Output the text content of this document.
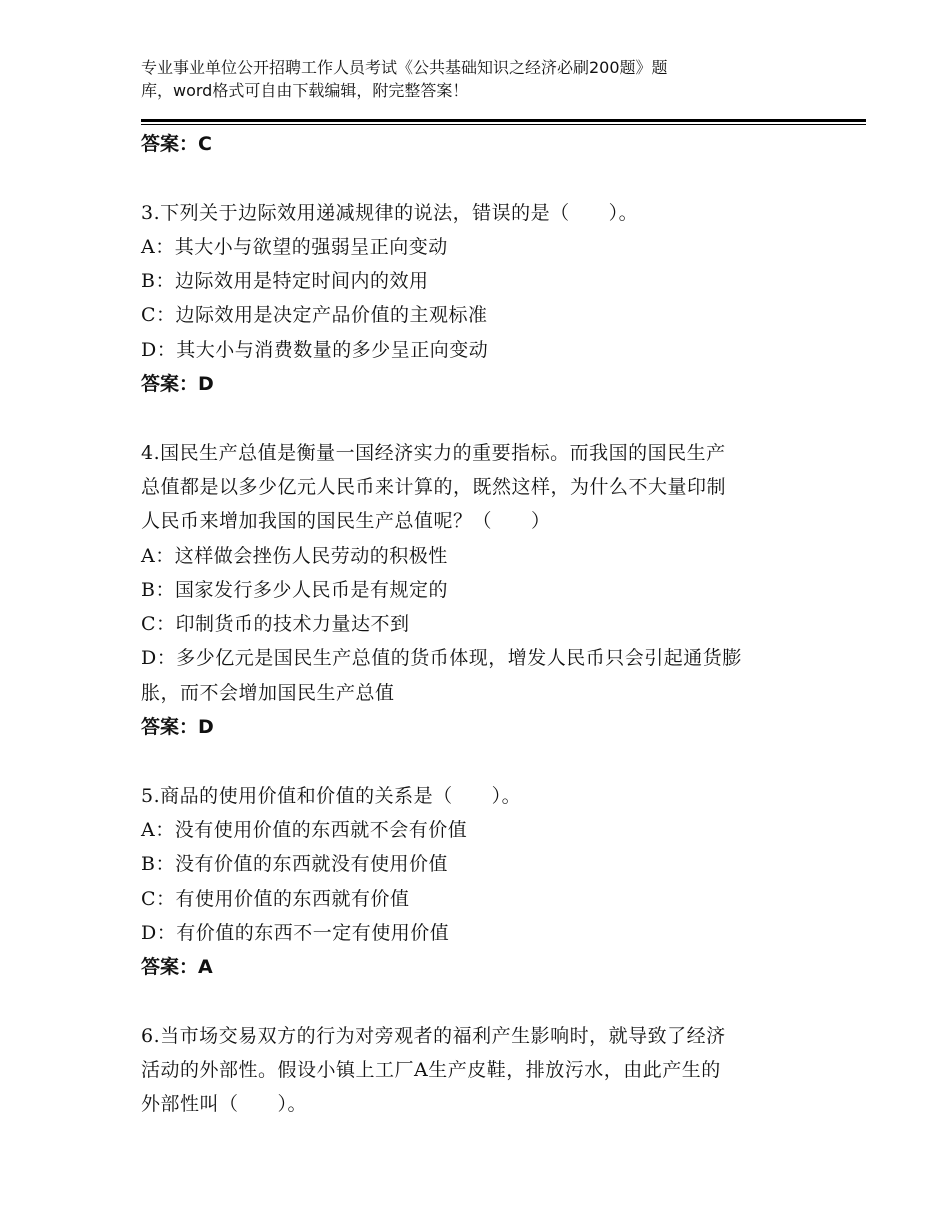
专业事业单位公开招聘工作人员考试《公共基础知识之经济必刷200题》题
库，word格式可自由下载编辑，附完整答案！
答案：C
3.下列关于边际效用递减规律的说法，错误的是（　　）。
A：其大小与欲望的强弱呈正向变动
B：边际效用是特定时间内的效用
C：边际效用是决定产品价值的主观标准
D：其大小与消费数量的多少呈正向变动
答案：D
4.国民生产总值是衡量一国经济实力的重要指标。而我国的国民生产
总值都是以多少亿元人民币来计算的，既然这样，为什么不大量印制
人民币来增加我国的国民生产总值呢？（　　）
A：这样做会挫伤人民劳动的积极性
B：国家发行多少人民币是有规定的
C：印制货币的技术力量达不到
D：多少亿元是国民生产总值的货币体现，增发人民币只会引起通货膨
胀，而不会增加国民生产总值
答案：D
5.商品的使用价值和价值的关系是（　　）。
A：没有使用价值的东西就不会有价值
B：没有价值的东西就没有使用价值
C：有使用价值的东西就有价值
D：有价值的东西不一定有使用价值
答案：A
6.当市场交易双方的行为对旁观者的福利产生影响时，就导致了经济
活动的外部性。假设小镇上工厂A生产皮鞋，排放污水，由此产生的
外部性叫（　　）。
